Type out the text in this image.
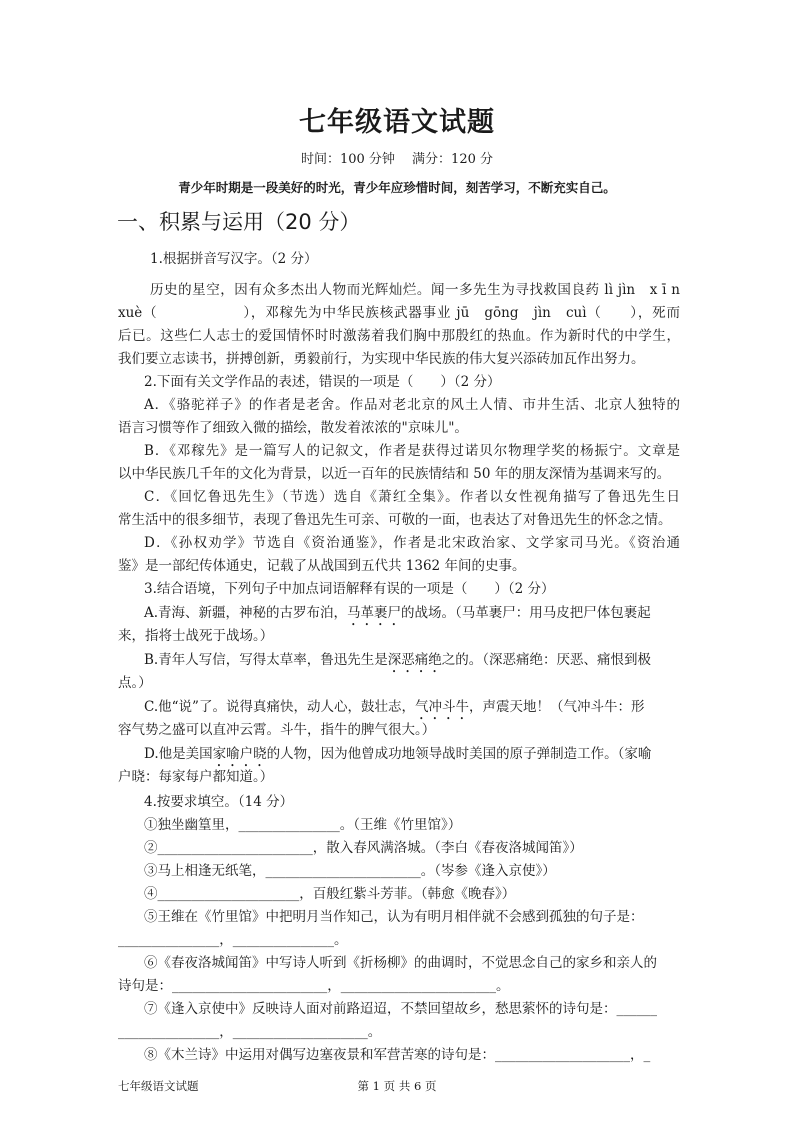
七年级语文试题
时间：100 分钟　 满分：120 分
青少年时期是一段美好的时光，青少年应珍惜时间，刻苦学习，不断充实自己。
一、积累与运用（20 分）
1.根据拼音写汉字。（2 分）
历史的星空，因有众多杰出人物而光辉灿烂。闻一多先生为寻找救国良药 lì jìn　x ī n
xuè（　　　　　　），邓稼先为中华民族核武器事业 jū　gōng　jìn　cuì（　　），死而
后已。这些仁人志士的爱国情怀时时激荡着我们胸中那殷红的热血。作为新时代的中学生，
我们要立志读书，拼搏创新，勇毅前行，为实现中华民族的伟大复兴添砖加瓦作出努力。
2.下面有关文学作品的表述，错误的一项是（　　）（2 分）
A．《骆驼祥子》的作者是老舍。作品对老北京的风土人情、市井生活、北京人独特的
语言习惯等作了细致入微的描绘，散发着浓浓的"京味儿"。
B．《邓稼先》是一篇写人的记叙文，作者是获得过诺贝尔物理学奖的杨振宁。文章是
以中华民族几千年的文化为背景，以近一百年的民族情结和 50 年的朋友深情为基调来写的。
C．《回忆鲁迅先生》（节选）选自《萧红全集》。作者以女性视角描写了鲁迅先生日
常生活中的很多细节，表现了鲁迅先生可亲、可敬的一面，也表达了对鲁迅先生的怀念之情。
D．《孙权劝学》节选自《资治通鉴》，作者是北宋政治家、文学家司马光。《资治通
鉴》是一部纪传体通史，记载了从战国到五代共 1362 年间的史事。
3.结合语境，下列句子中加点词语解释有误的一项是（　　）（2 分）
A.青海、新疆，神秘的古罗布泊，马革裹尸的战场。（马革裹尸：用马皮把尸体包裹起
来，指将士战死于战场。）
B.青年人写信，写得太草率，鲁迅先生是深恶痛绝之的。（深恶痛绝：厌恶、痛恨到极
点。）
C.他“说”了。说得真痛快，动人心，鼓壮志，气冲斗牛，声震天地！（气冲斗牛：形
容气势之盛可以直冲云霄。斗牛，指牛的脾气很大。）
D.他是美国家喻户晓的人物，因为他曾成功地领导战时美国的原子弹制造工作。（家喻
户晓：每家每户都知道。）
4.按要求填空。（14 分）
①独坐幽篁里，_______________。（王维《竹里馆》）
②_______________________，散入春风满洛城。（李白《春夜洛城闻笛》）
③马上相逢无纸笔，_______________________。（岑参《逢入京使》）
④_____________________，百般红紫斗芳菲。（韩愈《晚春》）
⑤王维在《竹里馆》中把明月当作知己，认为有明月相伴就不会感到孤独的句子是：
_______________，_______________。
⑥《春夜洛城闻笛》中写诗人听到《折杨柳》的曲调时，不觉思念自己的家乡和亲人的
诗句是：_______________________，_______________________。
⑦《逢入京使中》反映诗人面对前路迢迢，不禁回望故乡，愁思萦怀的诗句是：______
_______________，____________________。
⑧《木兰诗》中运用对偶写边塞夜景和军营苦寒的诗句是：____________________，_
七年级语文试题	第 1 页 共 6 页
